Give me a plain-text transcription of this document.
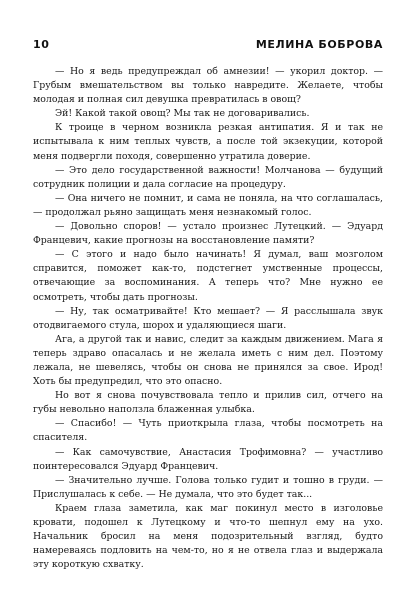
10	МЕЛИНА БОБРОВА

— Но я ведь предупреждал об амнезии! — укорил доктор. — Грубым вмешательством вы только навредите. Желаете, чтобы молодая и полная сил девушка превратилась в овощ?

Эй! Какой такой овощ? Мы так не договаривались.

К троице в черном возникла резкая антипатия. Я и так не испытывала к ним теплых чувств, а после той экзекуции, которой меня подвергли походя, совершенно утратила доверие.

— Это дело государственной важности! Молчанова — будущий сотрудник полиции и дала согласие на процедуру.

— Она ничего не помнит, и сама не поняла, на что соглашалась, — продолжал рьяно защищать меня незнакомый голос.

— Довольно споров! — устало произнес Лутецкий. — Эдуард Францевич, какие прогнозы на восстановление памяти?

— С этого и надо было начинать! Я думал, ваш мозголом справится, поможет как-то, подстегнет умственные процессы, отвечающие за воспоминания. А теперь что? Мне нужно ее осмотреть, чтобы дать прогнозы.

— Ну, так осматривайте! Кто мешает? — Я расслышала звук отодвигаемого стула, шорох и удаляющиеся шаги.

Ага, а другой так и навис, следит за каждым движением. Мага я теперь здраво опасалась и не желала иметь с ним дел. Поэтому лежала, не шевелясь, чтобы он снова не принялся за свое. Ирод! Хоть бы предупредил, что это опасно.

Но вот я снова почувствовала тепло и прилив сил, отчего на губы невольно наползла блаженная улыбка.

— Спасибо! — Чуть приоткрыла глаза, чтобы посмотреть на спасителя.

— Как самочувствие, Анастасия Трофимовна? — участливо поинтересовался Эдуард Францевич.

— Значительно лучше. Голова только гудит и тошно в груди. — Прислушалась к себе. — Не думала, что это будет так...

Краем глаза заметила, как маг покинул место в изголовье кровати, подошел к Лутецкому и что-то шепнул ему на ухо. Начальник бросил на меня подозрительный взгляд, будто намереваясь подловить на чем-то, но я не отвела глаз и выдержала эту короткую схватку.
